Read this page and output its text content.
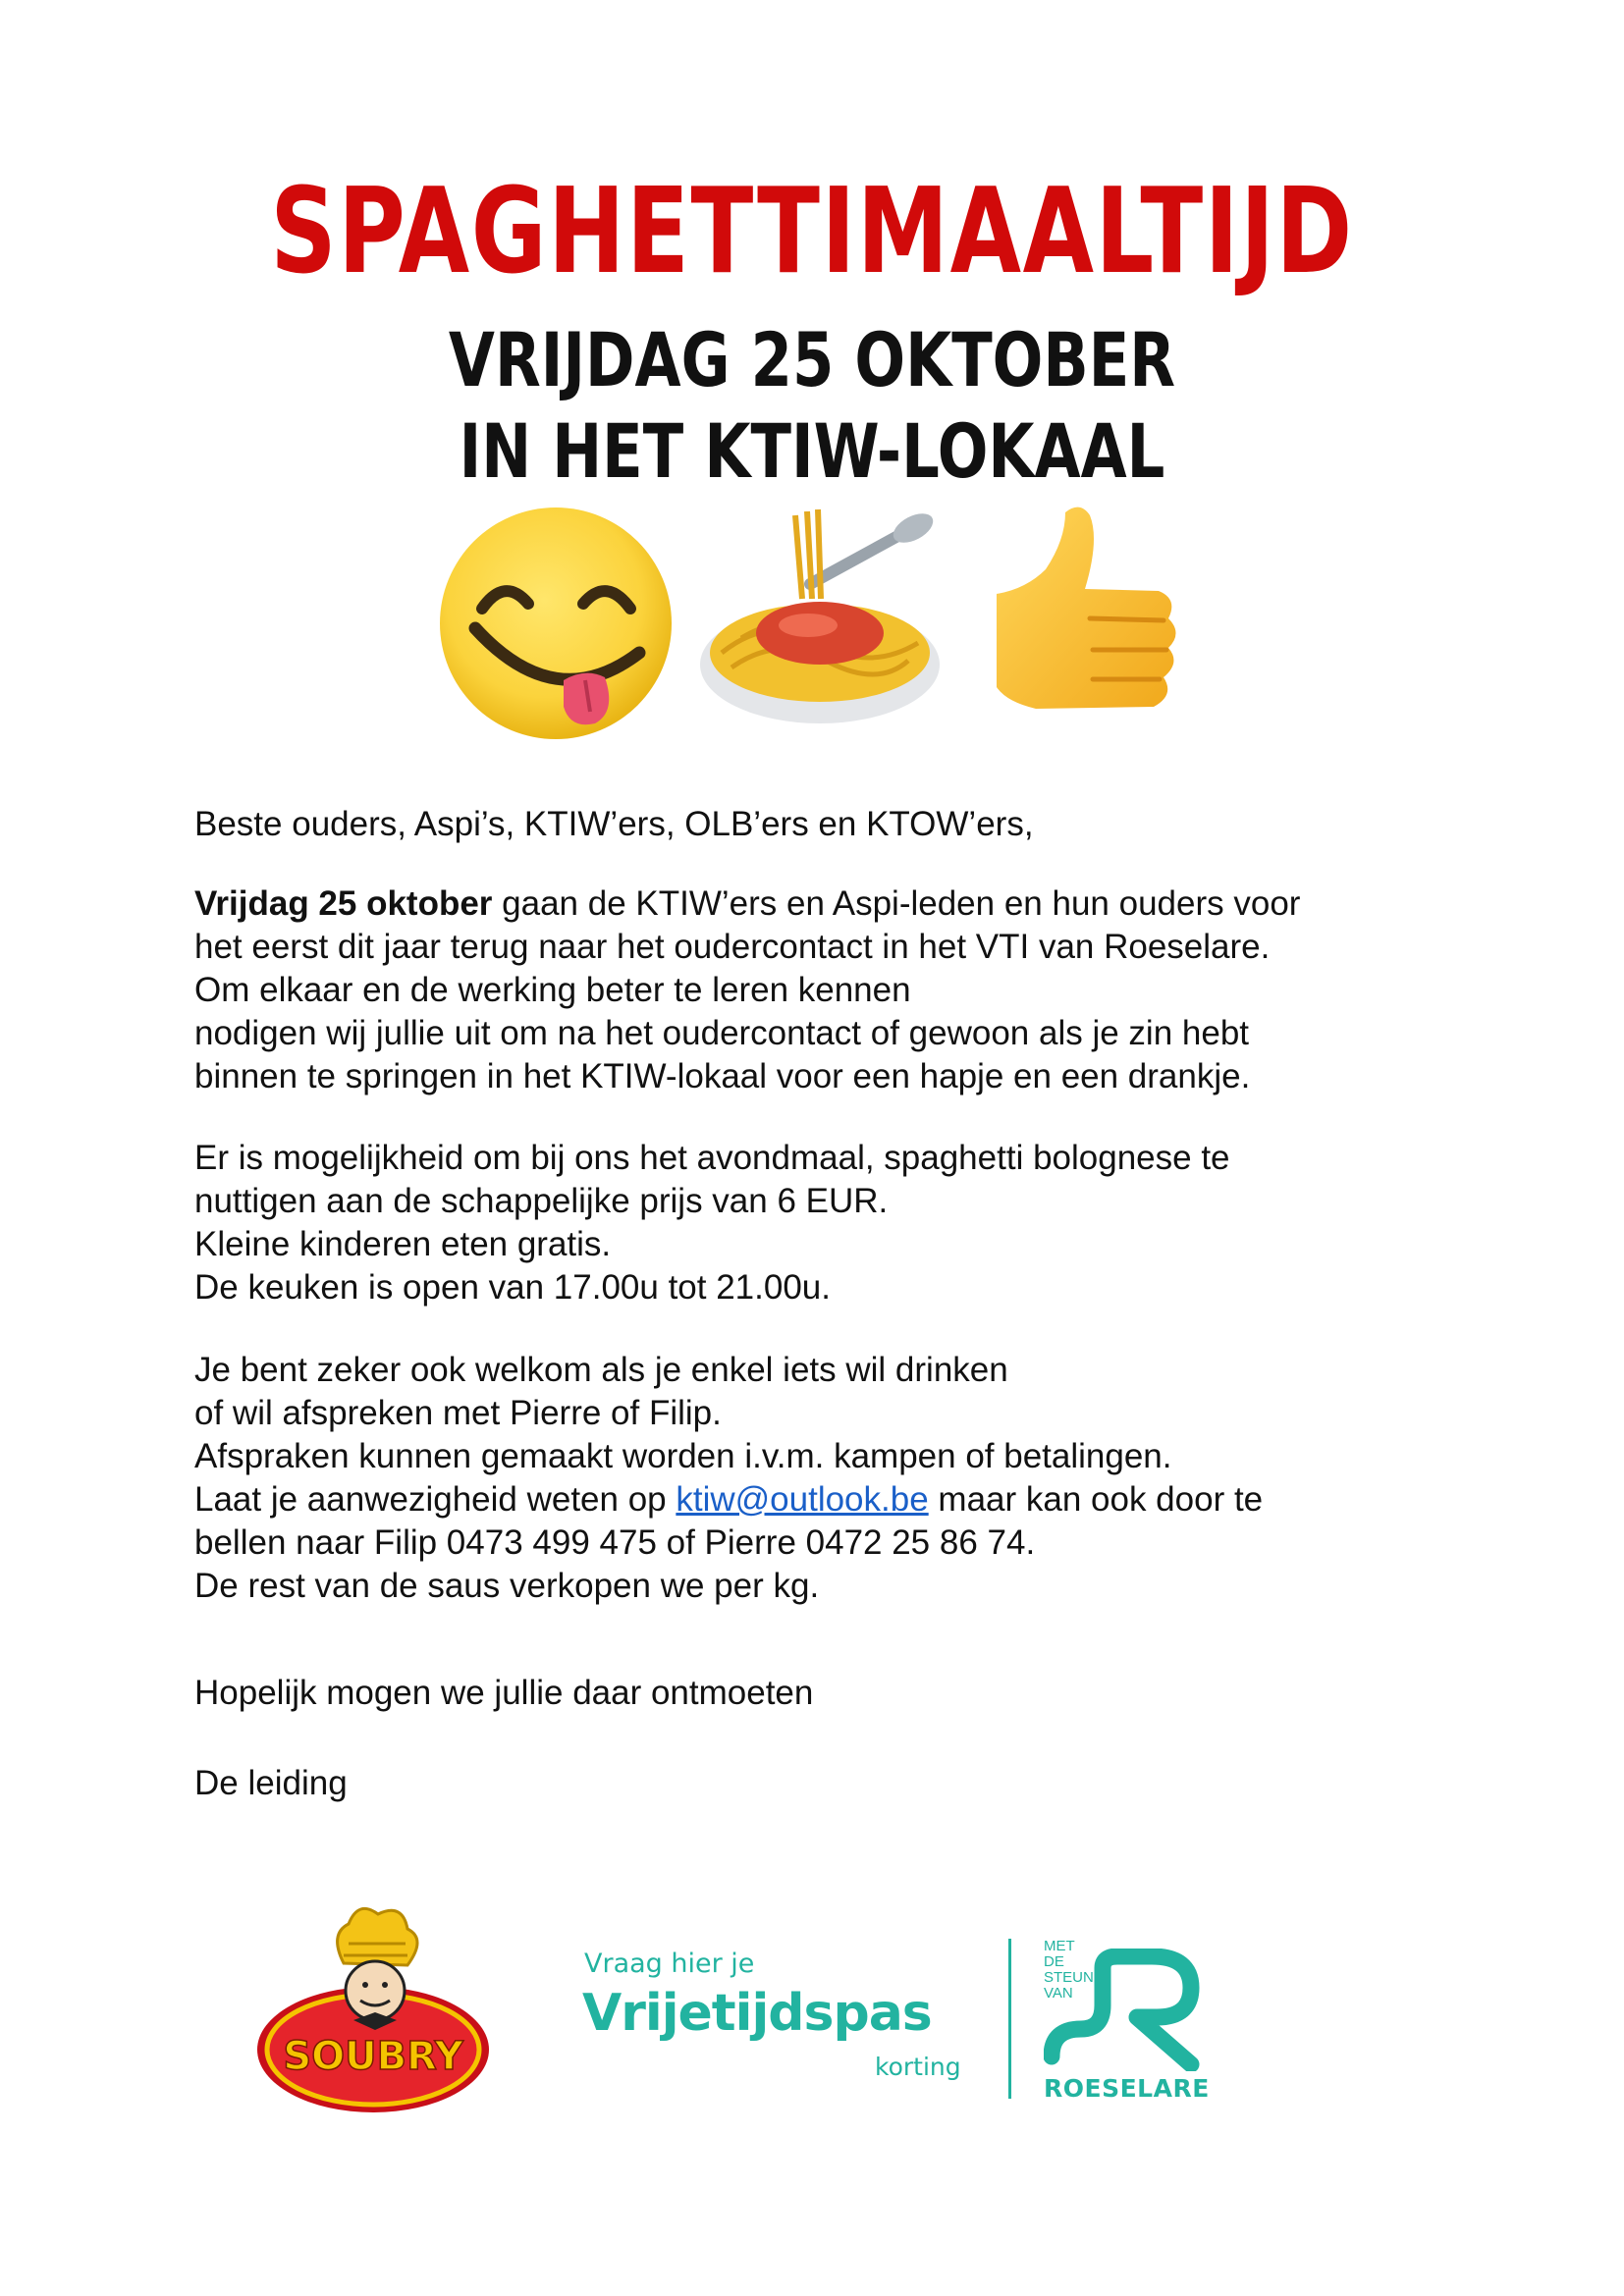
SPAGHETTIMAALTIJD
VRIJDAG 25 OKTOBER
IN HET KTIW-LOKAAL

Beste ouders, Aspi’s, KTIW’ers, OLB’ers en KTOW’ers,

Vrijdag 25 oktober gaan de KTIW’ers en Aspi-leden en hun ouders voor
het eerst dit jaar terug naar het oudercontact in het VTI van Roeselare.
Om elkaar en de werking beter te leren kennen
nodigen wij jullie uit om na het oudercontact of gewoon als je zin hebt
binnen te springen in het KTIW-lokaal voor een hapje en een drankje.
Er is mogelijkheid om bij ons het avondmaal, spaghetti bolognese te
nuttigen aan de schappelijke prijs van 6 EUR.
Kleine kinderen eten gratis.
De keuken is open van 17.00u tot 21.00u.
Je bent zeker ook welkom als je enkel iets wil drinken
of wil afspreken met Pierre of Filip.
Afspraken kunnen gemaakt worden i.v.m. kampen of betalingen.
Laat je aanwezigheid weten op ktiw@outlook.be maar kan ook door te
bellen naar Filip 0473 499 475 of Pierre 0472 25 86 74.
De rest van de saus verkopen we per kg.

Hopelijk mogen we jullie daar ontmoeten

De leiding

SOUBRY
Vraag hier je
Vrijetijdspas
korting
MET
DE
STEUN
VAN
ROESELARE
